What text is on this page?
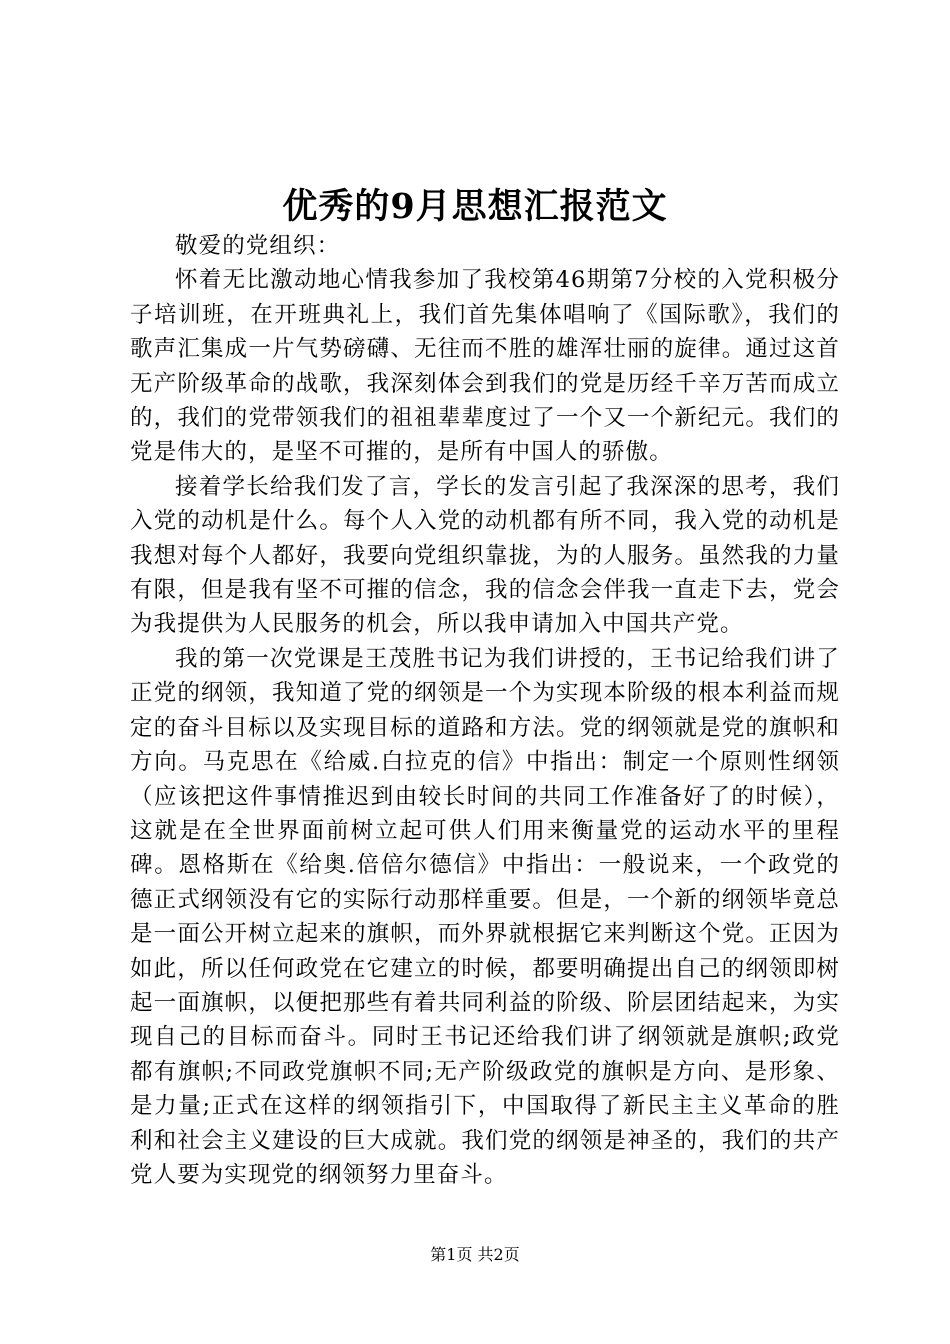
优秀的9月思想汇报范文

敬爱的党组织：

怀着无比激动地心情我参加了我校第46期第7分校的入党积极分子培训班，在开班典礼上，我们首先集体唱响了《国际歌》，我们的歌声汇集成一片气势磅礴、无往而不胜的雄浑壮丽的旋律。通过这首无产阶级革命的战歌，我深刻体会到我们的党是历经千辛万苦而成立的，我们的党带领我们的祖祖辈辈度过了一个又一个新纪元。我们的党是伟大的，是坚不可摧的，是所有中国人的骄傲。

接着学长给我们发了言，学长的发言引起了我深深的思考，我们入党的动机是什么。每个人入党的动机都有所不同，我入党的动机是我想对每个人都好，我要向党组织靠拢，为的人服务。虽然我的力量有限，但是我有坚不可摧的信念，我的信念会伴我一直走下去，党会为我提供为人民服务的机会，所以我申请加入中国共产党。

我的第一次党课是王茂胜书记为我们讲授的，王书记给我们讲了正党的纲领，我知道了党的纲领是一个为实现本阶级的根本利益而规定的奋斗目标以及实现目标的道路和方法。党的纲领就是党的旗帜和方向。马克思在《给威.白拉克的信》中指出：制定一个原则性纲领（应该把这件事情推迟到由较长时间的共同工作准备好了的时候），这就是在全世界面前树立起可供人们用来衡量党的运动水平的里程碑。恩格斯在《给奥.倍倍尔德信》中指出：一般说来，一个政党的德正式纲领没有它的实际行动那样重要。但是，一个新的纲领毕竟总是一面公开树立起来的旗帜，而外界就根据它来判断这个党。正因为如此，所以任何政党在它建立的时候，都要明确提出自己的纲领即树起一面旗帜，以便把那些有着共同利益的阶级、阶层团结起来，为实现自己的目标而奋斗。同时王书记还给我们讲了纲领就是旗帜;政党都有旗帜;不同政党旗帜不同;无产阶级政党的旗帜是方向、是形象、是力量;正式在这样的纲领指引下，中国取得了新民主主义革命的胜利和社会主义建设的巨大成就。我们党的纲领是神圣的，我们的共产党人要为实现党的纲领努力里奋斗。

第1页 共2页
